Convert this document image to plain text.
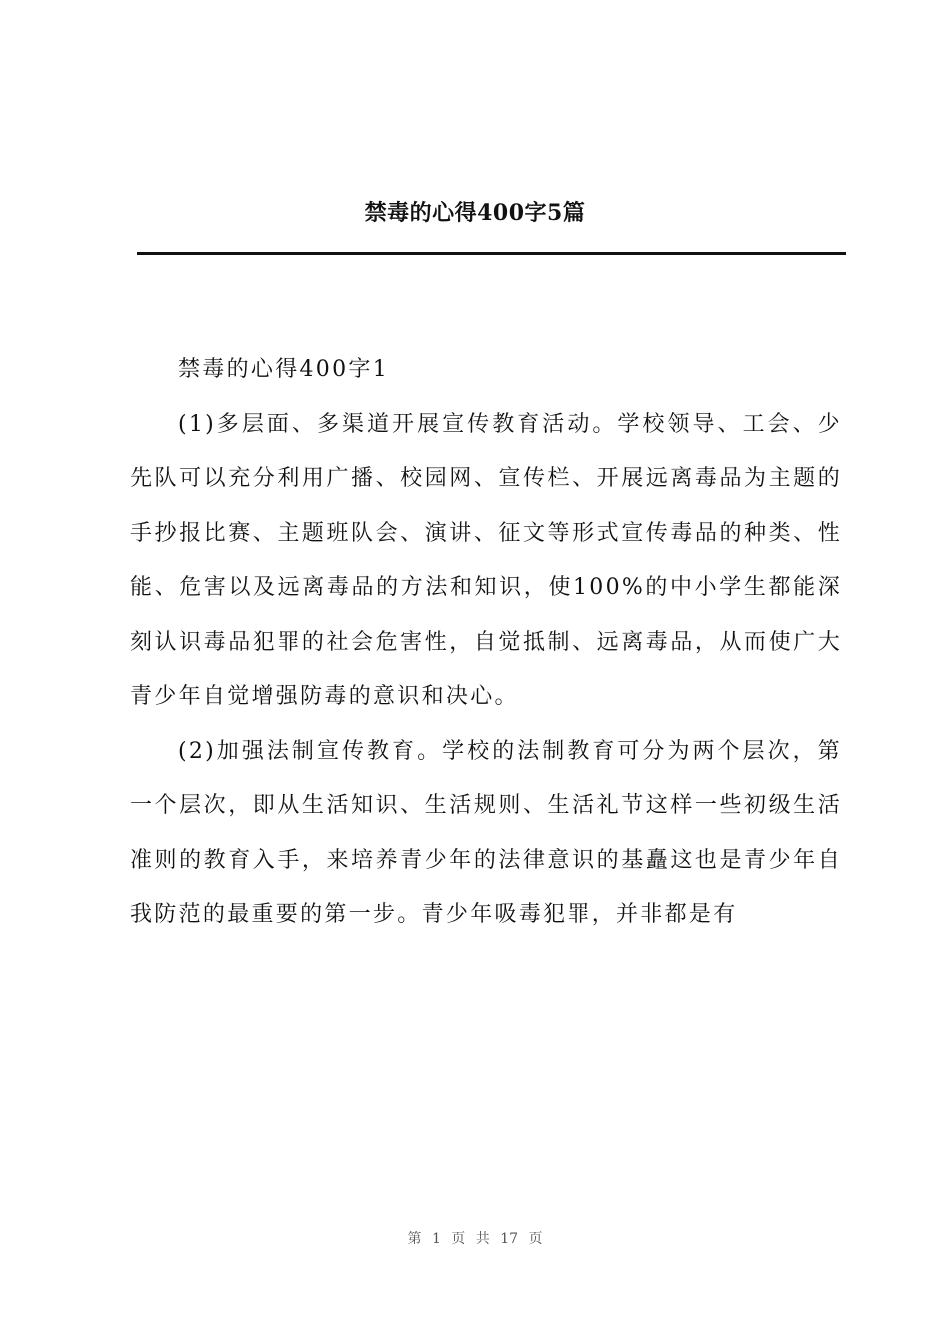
禁毒的心得400字5篇

禁毒的心得400字1

(1)多层面、多渠道开展宣传教育活动。学校领导、工会、少先队可以充分利用广播、校园网、宣传栏、开展远离毒品为主题的手抄报比赛、主题班队会、演讲、征文等形式宣传毒品的种类、性能、危害以及远离毒品的方法和知识，使100%的中小学生都能深刻认识毒品犯罪的社会危害性，自觉抵制、远离毒品，从而使广大青少年自觉增强防毒的意识和决心。

(2)加强法制宣传教育。学校的法制教育可分为两个层次，第一个层次，即从生活知识、生活规则、生活礼节这样一些初级生活准则的教育入手，来培养青少年的法律意识的基矗这也是青少年自我防范的最重要的第一步。青少年吸毒犯罪，并非都是有

第 1 页 共 17 页
